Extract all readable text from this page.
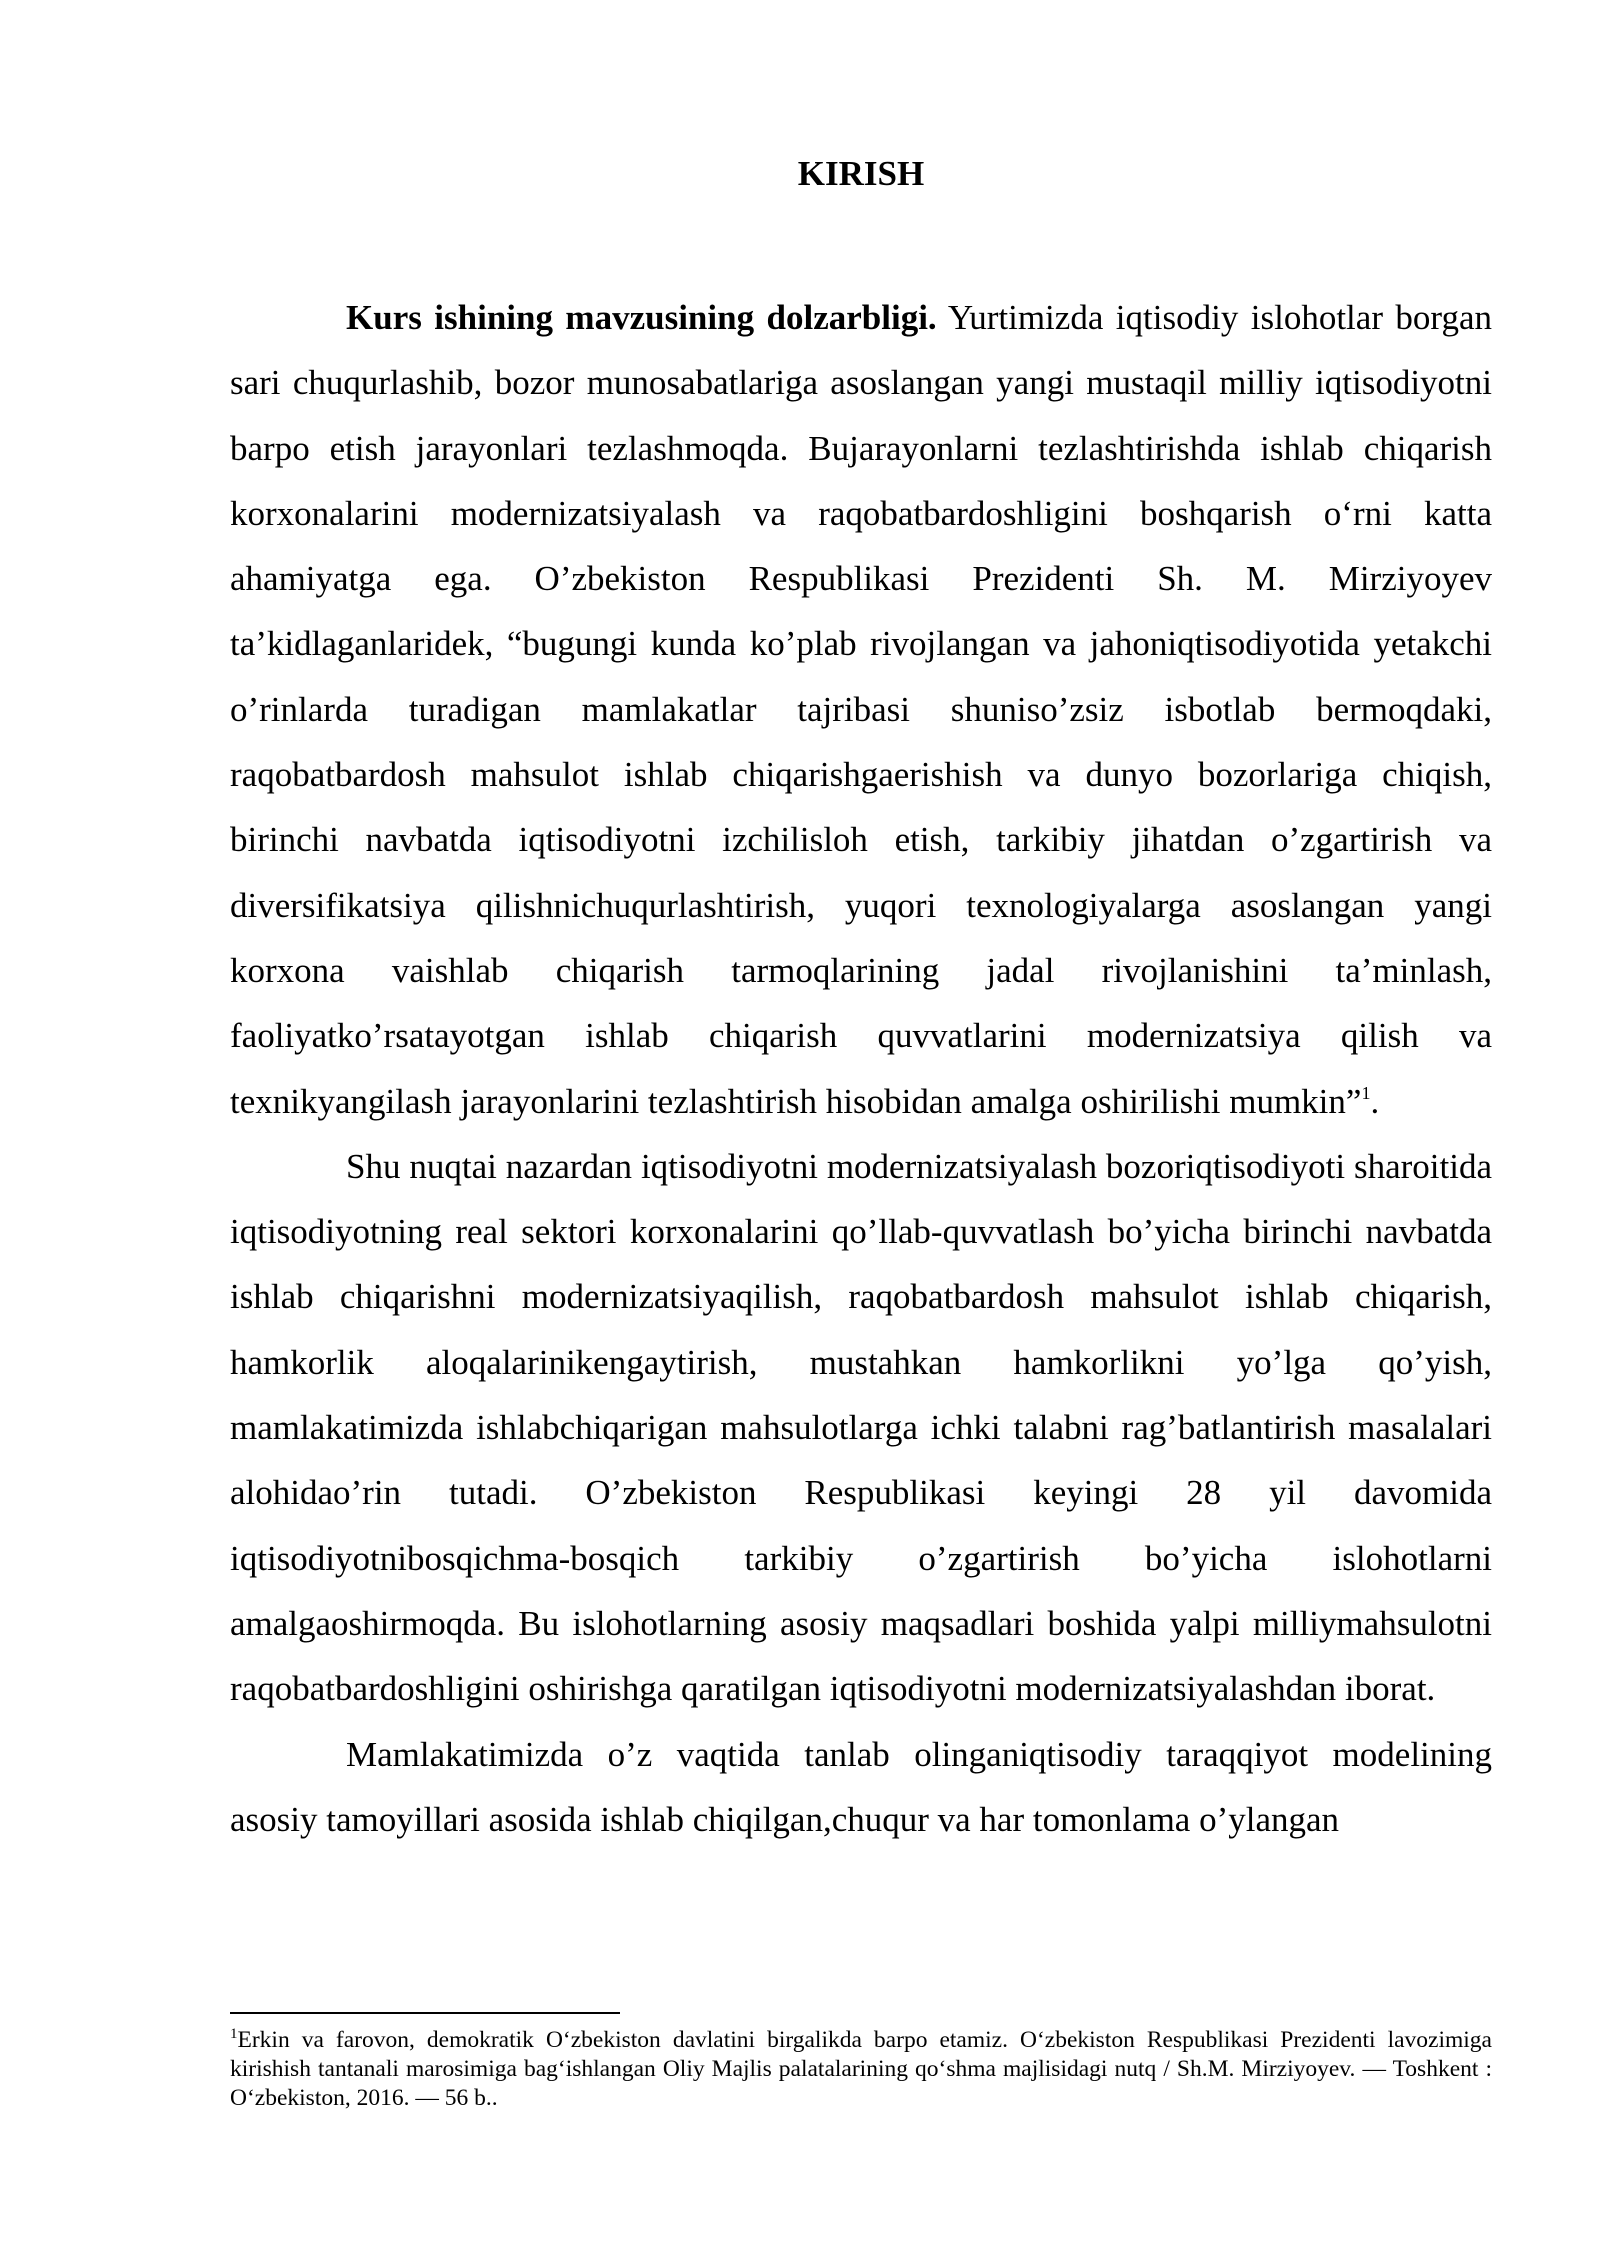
KIRISH

Kurs ishining mavzusining dolzarbligi. Yurtimizda iqtisodiy islohotlar borgan sari chuqurlashib, bozor munosabatlariga asoslangan yangi mustaqil milliy iqtisodiyotni barpo etish jarayonlari tezlashmoqda. Bujarayonlarni tezlashtirishda ishlab chiqarish korxonalarini modernizatsiyalash va raqobatbardoshligini boshqarish o‘rni katta ahamiyatga ega. O’zbekiston Respublikasi Prezidenti Sh. M. Mirziyoyev ta’kidlaganlaridek, “bugungi kunda ko’plab rivojlangan va jahoniqtisodiyotida yetakchi o’rinlarda turadigan mamlakatlar tajribasi shuniso’zsiz isbotlab bermoqdaki, raqobatbardosh mahsulot ishlab chiqarishgaerishish va dunyo bozorlariga chiqish, birinchi navbatda iqtisodiyotni izchilisloh etish, tarkibiy jihatdan o’zgartirish va diversifikatsiya qilishnichuqurlashtirish, yuqori texnologiyalarga asoslangan yangi korxona vaishlab chiqarish tarmoqlarining jadal rivojlanishini ta’minlash, faoliyatko’rsatayotgan ishlab chiqarish quvvatlarini modernizatsiya qilish va texnikyangilash jarayonlarini tezlashtirish hisobidan amalga oshirilishi mumkin”$^1$.

Shu nuqtai nazardan iqtisodiyotni modernizatsiyalash bozoriqtisodiyoti sharoitida iqtisodiyotning real sektori korxonalarini qo’llab-quvvatlash bo’yicha birinchi navbatda ishlab chiqarishni modernizatsiyaqilish, raqobatbardosh mahsulot ishlab chiqarish, hamkorlik aloqalarinikengaytirish, mustahkan hamkorlikni yo’lga qo’yish, mamlakatimizda ishlabchiqarigan mahsulotlarga ichki talabni rag’batlantirish masalalari alohidao’rin tutadi. O’zbekiston Respublikasi keyingi 28 yil davomida iqtisodiyotnibosqichma-bosqich tarkibiy o’zgartirish bo’yicha islohotlarni amalgaoshirmoqda. Bu islohotlarning asosiy maqsadlari boshida yalpi milliymahsulotni raqobatbardoshligini oshirishga qaratilgan iqtisodiyotni modernizatsiyalashdan iborat.

Mamlakatimizda o’z vaqtida tanlab olinganiqtisodiy taraqqiyot modelining asosiy tamoyillari asosida ishlab chiqilgan,chuqur va har tomonlama o’ylangan

$^1$Erkin va farovon, demokratik O‘zbekiston davlatini birgalikda barpo etamiz. O‘zbekiston Respublikasi Prezidenti lavozimiga kirishish tantanali marosimiga bag‘ishlangan Oliy Majlis palatalarining qo‘shma majlisidagi nutq / Sh.M. Mirziyoyev. — Toshkent : O‘zbekiston, 2016. — 56 b..
